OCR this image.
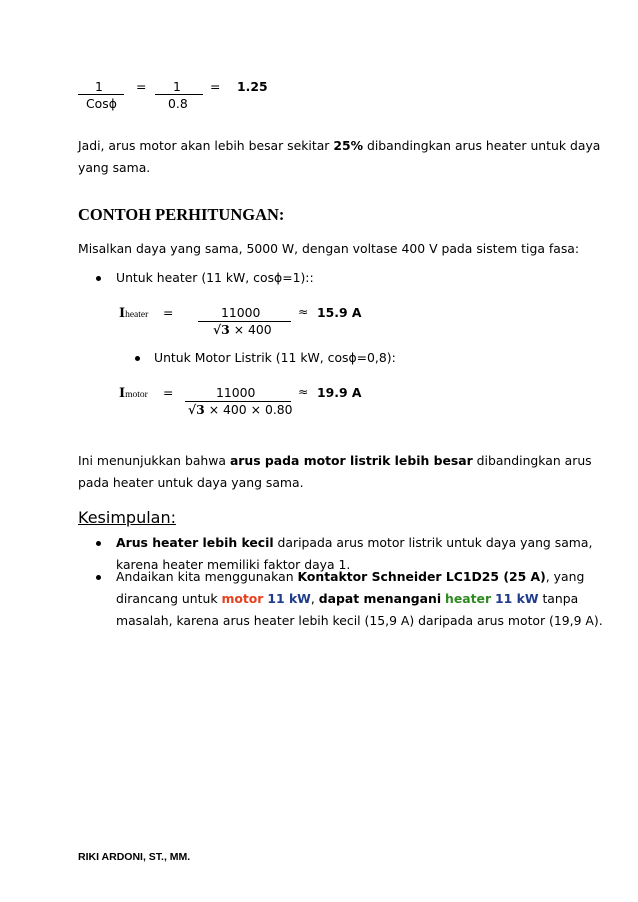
1
Cosϕ
= 1
0.8
= 1.25
Jadi, arus motor akan lebih besar sekitar 25% dibandingkan arus heater untuk daya
yang sama.
CONTOH PERHITUNGAN:
Misalkan daya yang sama, 5000 W, dengan voltase 400 V pada sistem tiga fasa:
Untuk heater (11 kW, cosϕ=1)::
Iheater =	11000
√3 × 400
≈ 15.9 A
Untuk Motor Listrik (11 kW, cosϕ=0,8):
Imotor =	11000
√3 × 400 × 0.80
≈ 19.9 A
Ini menunjukkan bahwa arus pada motor listrik lebih besar dibandingkan arus
pada heater untuk daya yang sama.
Kesimpulan:
Arus heater lebih kecil daripada arus motor listrik untuk daya yang sama,
karena heater memiliki faktor daya 1.
Andaikan kita menggunakan Kontaktor Schneider LC1D25 (25 A), yang
dirancang untuk motor 11 kW, dapat menangani heater 11 kW tanpa
masalah, karena arus heater lebih kecil (15,9 A) daripada arus motor (19,9 A).
RIKI ARDONI, ST., MM.
